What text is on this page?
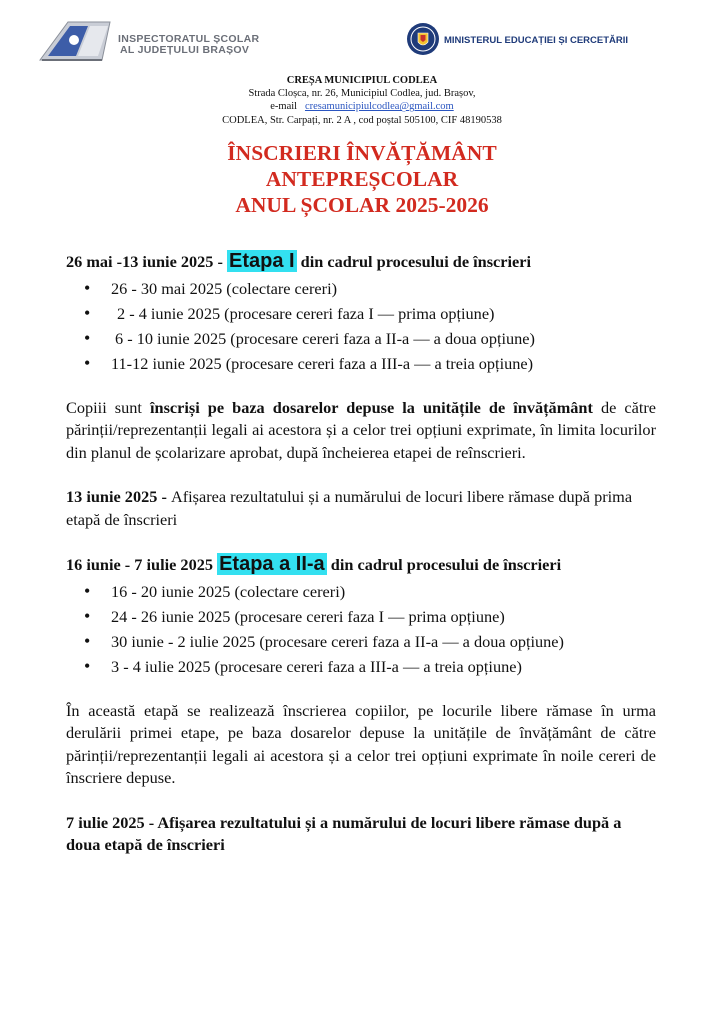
INSPECTORATUL ȘCOLAR
AL JUDEȚULUI BRAȘOV
MINISTERUL EDUCAȚIEI ȘI CERCETĂRII
CREȘA MUNICIPIUL CODLEA
Strada Cloșca, nr. 26, Municipiul Codlea, jud. Brașov,
e-mail cresamunicipiulcodlea@gmail.com
CODLEA, Str. Carpați, nr. 2 A , cod poștal 505100, CIF 48190538
ÎNSCRIERI ÎNVĂȚĂMÂNT
ANTEPREȘCOLAR
ANUL ȘCOLAR 2025-2026

26 mai -13 iunie 2025 - Etapa I din cadrul procesului de înscrieri

• 26 - 30 mai 2025 (colectare cereri)
• 2 - 4 iunie 2025 (procesare cereri faza I — prima opțiune)
• 6 - 10 iunie 2025 (procesare cereri faza a II-a — a doua opțiune)
• 11-12 iunie 2025 (procesare cereri faza a III-a — a treia opțiune)

Copiii sunt înscriși pe baza dosarelor depuse la unitățile de învățământ de către părinții/reprezentanții legali ai acestora și a celor trei opțiuni exprimate, în limita locurilor din planul de școlarizare aprobat, după încheierea etapei de reînscrieri.

13 iunie 2025 - Afișarea rezultatului și a numărului de locuri libere rămase după prima etapă de înscrieri

16 iunie - 7 iulie 2025 Etapa a II-a din cadrul procesului de înscrieri

• 16 - 20 iunie 2025 (colectare cereri)
• 24 - 26 iunie 2025 (procesare cereri faza I — prima opțiune)
• 30 iunie - 2 iulie 2025 (procesare cereri faza a II-a — a doua opțiune)
• 3 - 4 iulie 2025 (procesare cereri faza a III-a — a treia opțiune)

În această etapă se realizează înscrierea copiilor, pe locurile libere rămase în urma derulării primei etape, pe baza dosarelor depuse la unitățile de învățământ de către părinții/reprezentanții legali ai acestora și a celor trei opțiuni exprimate în noile cereri de înscriere depuse.

7 iulie 2025 - Afișarea rezultatului și a numărului de locuri libere rămase după a doua etapă de înscrieri
